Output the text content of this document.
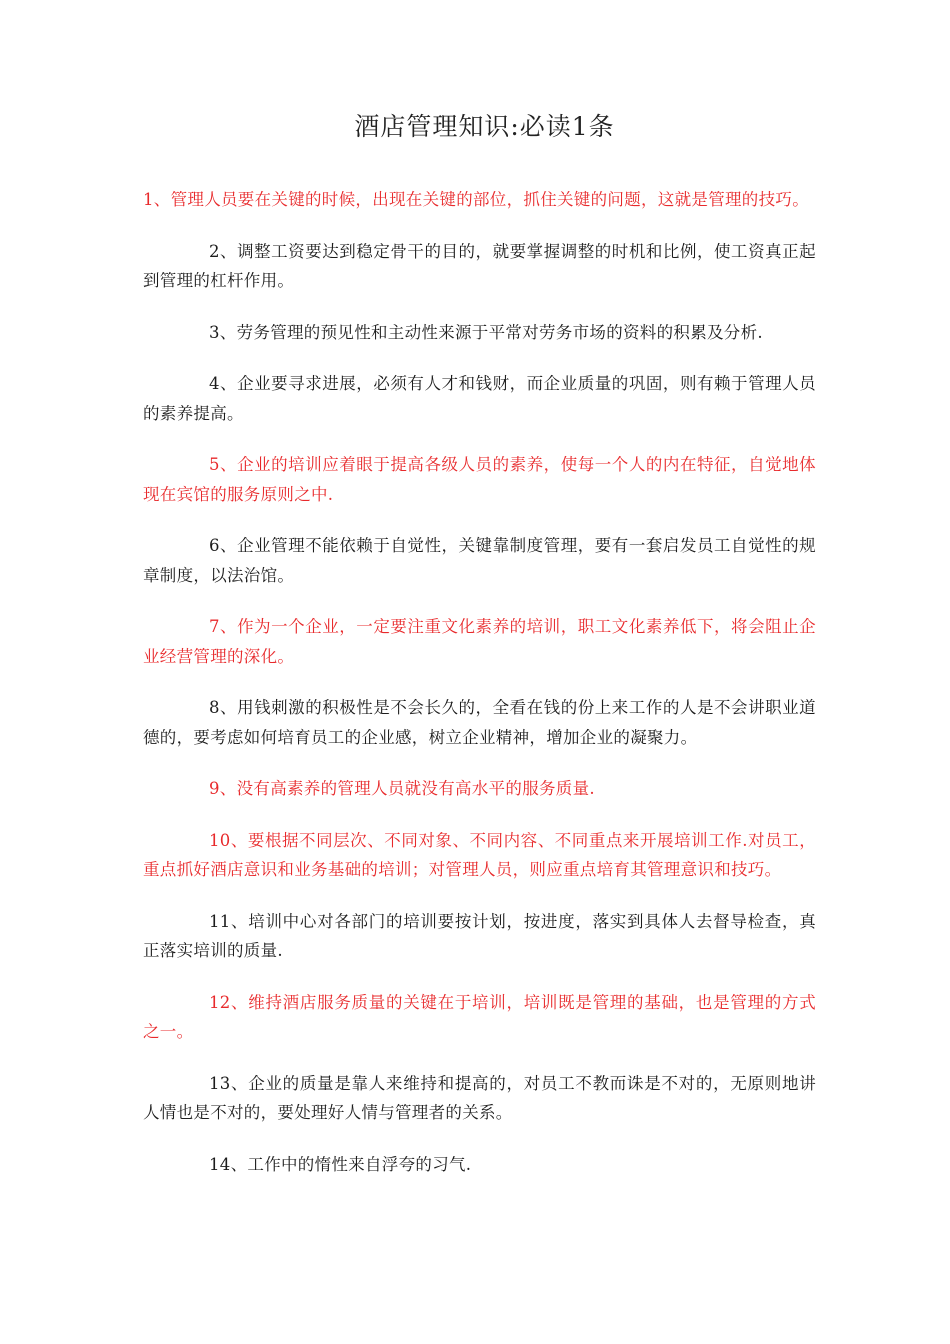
酒店管理知识:必读1条

1、管理人员要在关键的时候，出现在关键的部位，抓住关键的问题，这就是管理的技巧。

2、调整工资要达到稳定骨干的目的，就要掌握调整的时机和比例，使工资真正起到管理的杠杆作用。

3、劳务管理的预见性和主动性来源于平常对劳务市场的资料的积累及分析.

4、企业要寻求进展，必须有人才和钱财，而企业质量的巩固，则有赖于管理人员的素养提高。

5、企业的培训应着眼于提高各级人员的素养，使每一个人的内在特征，自觉地体现在宾馆的服务原则之中.

6、企业管理不能依赖于自觉性，关键靠制度管理，要有一套启发员工自觉性的规章制度，以法治馆。

7、作为一个企业，一定要注重文化素养的培训，职工文化素养低下，将会阻止企业经营管理的深化。

8、用钱刺激的积极性是不会长久的，全看在钱的份上来工作的人是不会讲职业道德的，要考虑如何培育员工的企业感，树立企业精神，增加企业的凝聚力。

9、没有高素养的管理人员就没有高水平的服务质量.

10、要根据不同层次、不同对象、不同内容、不同重点来开展培训工作.对员工，重点抓好酒店意识和业务基础的培训；对管理人员，则应重点培育其管理意识和技巧。

11、培训中心对各部门的培训要按计划，按进度，落实到具体人去督导检查，真正落实培训的质量.

12、维持酒店服务质量的关键在于培训，培训既是管理的基础，也是管理的方式之一。

13、企业的质量是靠人来维持和提高的，对员工不教而诛是不对的，无原则地讲人情也是不对的，要处理好人情与管理者的关系。

14、工作中的惰性来自浮夸的习气.
